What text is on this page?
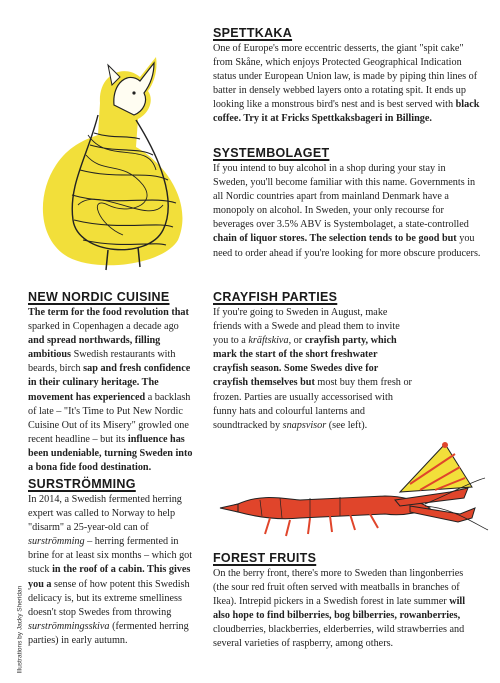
Illustrations by Jacky Sheridan
SPETTKAKA

One of Europe's more eccentric desserts, the giant "spit cake" from Skåne, which enjoys Protected Geographical Indication status under European Union law, is made by piping thin lines of batter in densely webbed layers onto a rotating spit. It ends up looking like a monstrous bird's nest and is best served with black coffee. Try it at Fricks Spettkaksbageri in Billinge.

SYSTEMBOLAGET

If you intend to buy alcohol in a shop during your stay in Sweden, you'll become familiar with this name. Governments in all Nordic countries apart from mainland Denmark have a monopoly on alcohol. In Sweden, your only recourse for beverages over 3.5% ABV is Systembolaget, a state-controlled chain of liquor stores. The selection tends to be good but you need to order ahead if you're looking for more obscure producers.

NEW NORDIC CUISINE

The term for the food revolution that sparked in Copenhagen a decade ago and spread northwards, filling ambitious Swedish restaurants with beards, birch sap and fresh confidence in their culinary heritage. The movement has experienced a backlash of late – "It's Time to Put New Nordic Cuisine Out of its Misery" growled one recent headline – but its influence has been undeniable, turning Sweden into a bona fide food destination.

CRAYFISH PARTIES

If you're going to Sweden in August, make friends with a Swede and plead them to invite you to a kräftskiva, or crayfish party, which mark the start of the short freshwater crayfish season. Some Swedes dive for crayfish themselves but most buy them fresh or frozen. Parties are usually accessorised with funny hats and colourful lanterns and soundtracked by snapsvisor (see left).

SURSTRÖMMING

In 2014, a Swedish fermented herring expert was called to Norway to help "disarm" a 25-year-old can of surströmming – herring fermented in brine for at least six months – which got stuck in the roof of a cabin. This gives you a sense of how potent this Swedish delicacy is, but its extreme smelliness doesn't stop Swedes from throwing surströmmingsskiva (fermented herring parties) in early autumn.

FOREST FRUITS

On the berry front, there's more to Sweden than lingonberries (the sour red fruit often served with meatballs in branches of Ikea). Intrepid pickers in a Swedish forest in late summer will also hope to find bilberries, bog bilberries, rowanberries, cloudberries, blackberries, elderberries, wild strawberries and several varieties of raspberry, among others.
